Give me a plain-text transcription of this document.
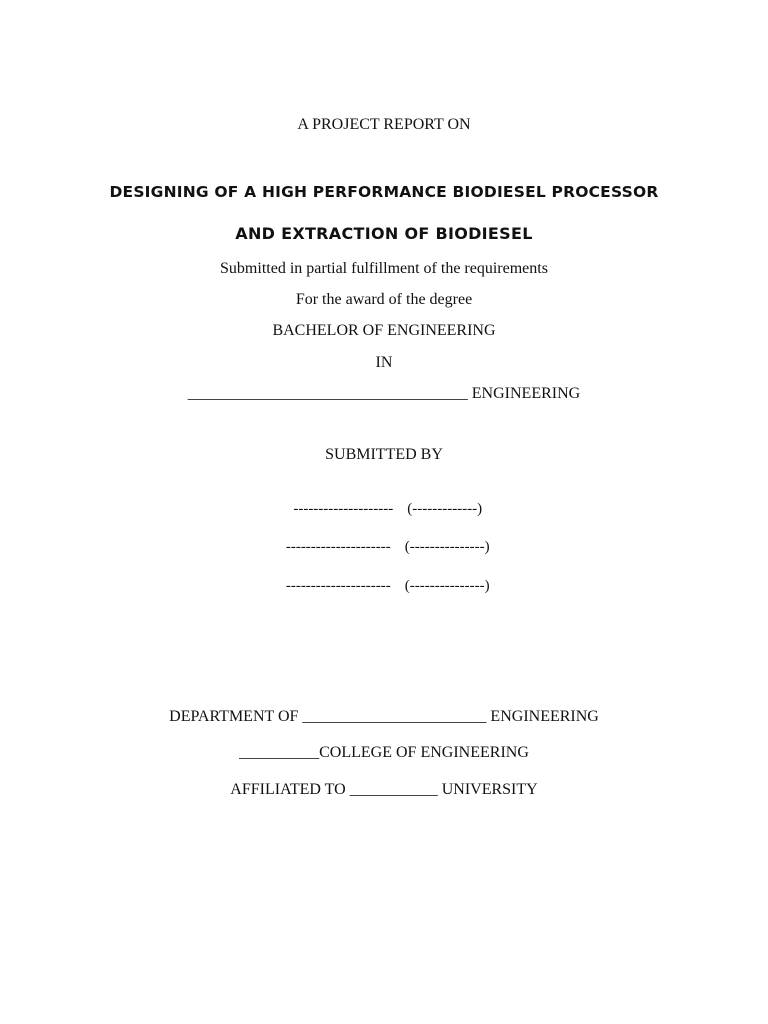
A PROJECT REPORT ON
DESIGNING OF A HIGH PERFORMANCE BIODIESEL PROCESSOR
AND EXTRACTION OF BIODIESEL
Submitted in partial fulfillment of the requirements
For the award of the degree
BACHELOR OF ENGINEERING
IN
___________________________________ ENGINEERING
SUBMITTED BY

-------------------- (-------------)

--------------------- (---------------)

--------------------- (---------------)

DEPARTMENT OF _______________________ ENGINEERING
__________COLLEGE OF ENGINEERING
AFFILIATED TO ___________ UNIVERSITY
